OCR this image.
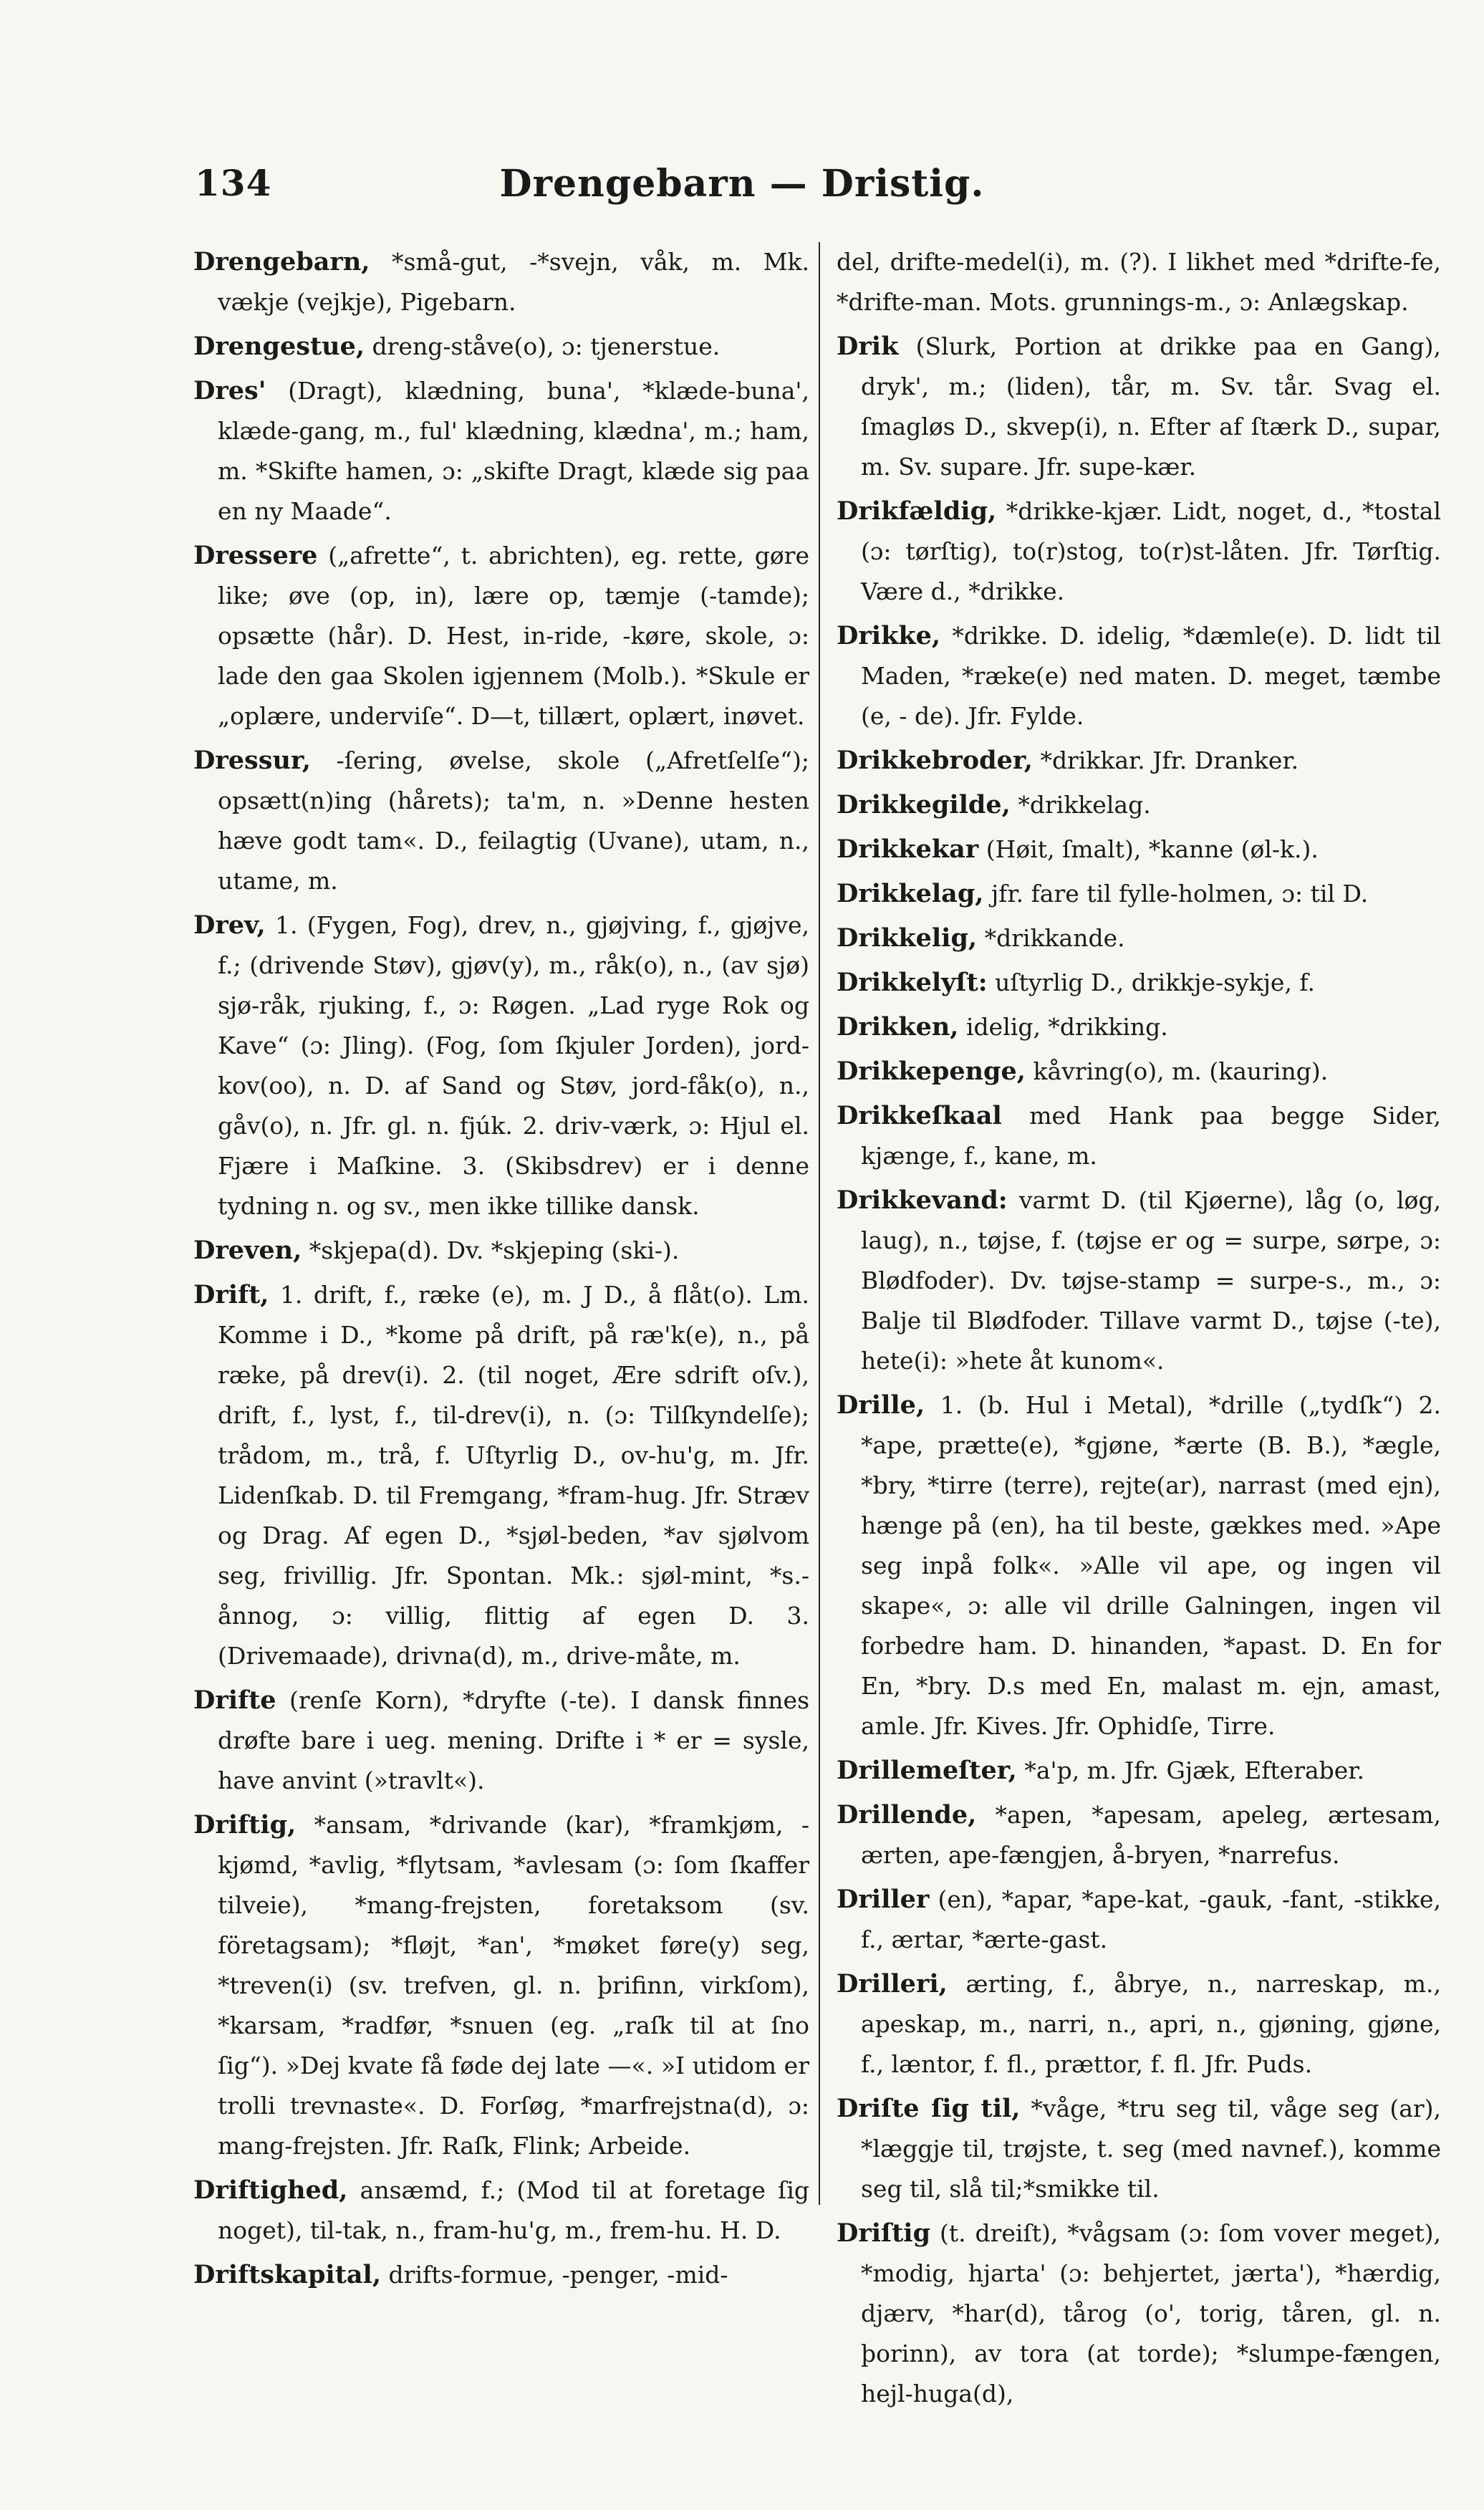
134	Drengebarn — Dristig.

Drengebarn, *små-gut, -*svejn, våk, m. Mk. vækje (vejkje), Pigebarn.

Drengestue, dreng-ståve(o), ɔ: tjenerstue.

Dres' (Dragt), klædning, buna', *klæde-buna', klæde-gang, m., ful' klædning, klædna', m.; ham, m. *Skifte hamen, ɔ: „skifte Dragt, klæde sig paa en ny Maade“.

Dressere („afrette“, t. abrichten), eg. rette, gøre like; øve (op, in), lære op, tæmje (-tamde); opsætte (hår). D. Hest, in-ride, -køre, skole, ɔ: lade den gaa Skolen igjennem (Molb.). *Skule er „oplære, underviſe“. D—t, tillært, oplært, inøvet.

Dressur, -ſering, øvelse, skole („Afretſelſe“); opsætt(n)ing (hårets); ta'm, n. »Denne hesten hæve godt tam«. D., feilagtig (Uvane), utam, n., utame, m.

Drev, 1. (Fygen, Fog), drev, n., gjøjving, f., gjøjve, f.; (drivende Støv), gjøv(y), m., råk(o), n., (av sjø) sjø-råk, rjuking, f., ɔ: Røgen. „Lad ryge Rok og Kave“ (ɔ: Jling). (Fog, ſom ſkjuler Jorden), jord-kov(oo), n. D. af Sand og Støv, jord-fåk(o), n., gåv(o), n. Jfr. gl. n. fjúk. 2. driv-værk, ɔ: Hjul el. Fjære i Maſkine. 3. (Skibsdrev) er i denne tydning n. og sv., men ikke tillike dansk.

Dreven, *skjepa(d). Dv. *skjeping (ski-).

Drift, 1. drift, f., ræke (e), m. J D., å flåt(o). Lm. Komme i D., *kome på drift, på ræ'k(e), n., på ræke, på drev(i). 2. (til noget, Ære sdrift oſv.), drift, f., lyst, f., til-drev(i), n. (ɔ: Tilſkyndelſe); trådom, m., trå, f. Uſtyrlig D., ov-hu'g, m. Jfr. Lidenſkab. D. til Fremgang, *fram-hug. Jfr. Stræv og Drag. Af egen D., *sjøl-beden, *av sjølvom seg, frivillig. Jfr. Spontan. Mk.: sjøl-mint, *s.-ånnog, ɔ: villig, flittig af egen D. 3. (Drivemaade), drivna(d), m., drive-måte, m.

Drifte (renſe Korn), *dryfte (-te). I dansk finnes drøfte bare i ueg. mening. Drifte i * er = sysle, have anvint (»travlt«).

Driftig, *ansam, *drivande (kar), *framkjøm, -kjømd, *avlig, *flytsam, *avlesam (ɔ: ſom ſkaffer tilveie), *mang-frejsten, foretaksom (sv. företagsam); *fløjt, *an', *møket føre(y) seg, *treven(i) (sv. trefven, gl. n. þrifinn, virkſom), *karsam, *radfør, *snuen (eg. „raſk til at ſno ſig“). »Dej kvate få føde dej late —«. »I utidom er trolli trevnaste«. D. Forſøg, *marfrejstna(d), ɔ: mang-frejsten. Jfr. Raſk, Flink; Arbeide.

Driftighed, ansæmd, f.; (Mod til at foretage ſig noget), til-tak, n., fram-hu'g, m., frem-hu. H. D.

Driftskapital, drifts-formue, -penger, -mid-

del, drifte-medel(i), m. (?). I likhet med *drifte-fe, *drifte-man. Mots. grunnings-m., ɔ: Anlægskap.

Drik (Slurk, Portion at drikke paa en Gang), dryk', m.; (liden), tår, m. Sv. tår. Svag el. ſmagløs D., skvep(i), n. Efter af ſtærk D., supar, m. Sv. supare. Jfr. supe-kær.

Drikfældig, *drikke-kjær. Lidt, noget, d., *tostal (ɔ: tørſtig), to(r)stog, to(r)st-låten. Jfr. Tørſtig. Være d., *drikke.

Drikke, *drikke. D. idelig, *dæmle(e). D. lidt til Maden, *ræke(e) ned maten. D. meget, tæmbe (e, - de). Jfr. Fylde.

Drikkebroder, *drikkar. Jfr. Dranker.

Drikkegilde, *drikkelag.

Drikkekar (Høit, ſmalt), *kanne (øl-k.).

Drikkelag, jfr. fare til fylle-holmen, ɔ: til D.

Drikkelig, *drikkande.

Drikkelyſt: uſtyrlig D., drikkje-sykje, f.

Drikken, idelig, *drikking.

Drikkepenge, kåvring(o), m. (kauring).

Drikkeſkaal med Hank paa begge Sider, kjænge, f., kane, m.

Drikkevand: varmt D. (til Kjøerne), låg (o, løg, laug), n., tøjse, f. (tøjse er og = surpe, sørpe, ɔ: Blødfoder). Dv. tøjse-stamp = surpe-s., m., ɔ: Balje til Blødfoder. Tillave varmt D., tøjse (-te), hete(i): »hete åt kunom«.

Drille, 1. (b. Hul i Metal), *drille („tydſk“) 2. *ape, prætte(e), *gjøne, *ærte (B. B.), *ægle, *bry, *tirre (terre), rejte(ar), narrast (med ejn), hænge på (en), ha til beste, gækkes med. »Ape seg inpå folk«. »Alle vil ape, og ingen vil skape«, ɔ: alle vil drille Galningen, ingen vil forbedre ham. D. hinanden, *apast. D. En for En, *bry. D.s med En, malast m. ejn, amast, amle. Jfr. Kives. Jfr. Ophidſe, Tirre.

Drillemeſter, *a'p, m. Jfr. Gjæk, Efteraber.

Drillende, *apen, *apesam, apeleg, ærtesam, ærten, ape-fængjen, å-bryen, *narrefus.

Driller (en), *apar, *ape-kat, -gauk, -fant, -stikke, f., ærtar, *ærte-gast.

Drilleri, ærting, f., åbrye, n., narreskap, m., apeskap, m., narri, n., apri, n., gjøning, gjøne, f., læntor, f. fl., prættor, f. fl. Jfr. Puds.

Driſte ſig til, *våge, *tru seg til, våge seg (ar), *læggje til, trøjste, t. seg (med navnef.), komme seg til, slå til;*smikke til.

Driſtig (t. dreiſt), *vågsam (ɔ: ſom vover meget), *modig, hjarta' (ɔ: behjertet, jærta'), *hærdig, djærv, *har(d), tårog (o', torig, tåren, gl. n. þorinn), av tora (at torde); *slumpe-fængen, hejl-huga(d),
